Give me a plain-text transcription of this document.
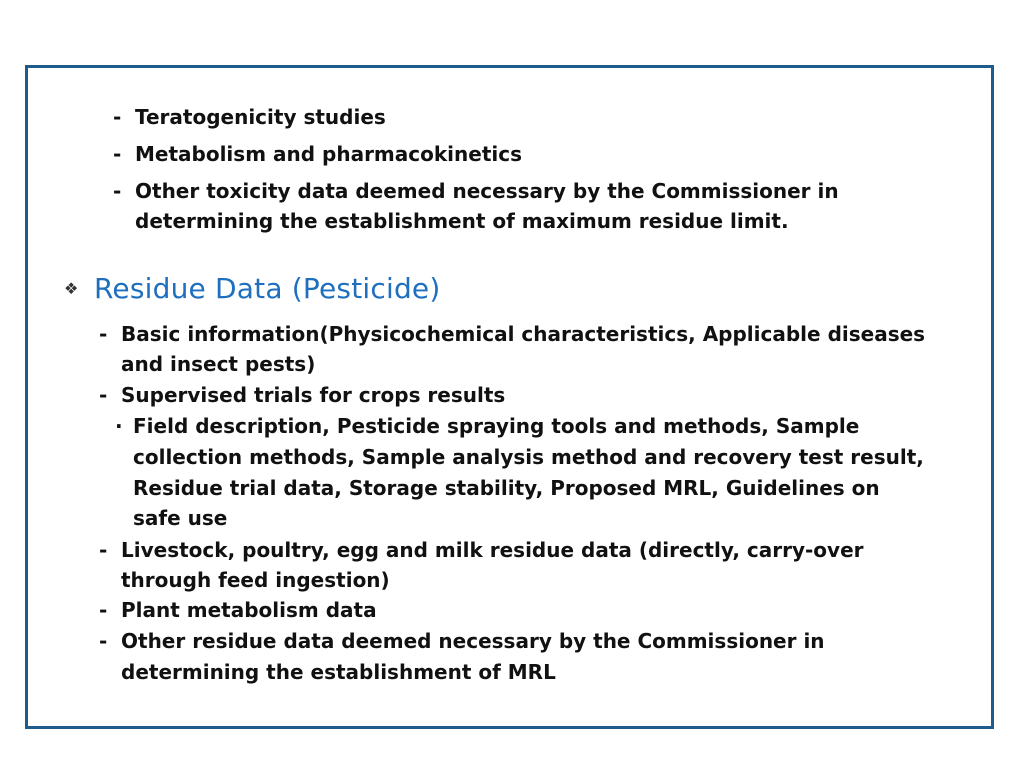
- Teratogenicity studies
- Metabolism and pharmacokinetics
- Other toxicity data deemed necessary by the Commissioner in
determining the establishment of maximum residue limit.
❖ Residue Data (Pesticide)
- Basic information(Physicochemical characteristics, Applicable diseases
and insect pests)
- Supervised trials for crops results
· Field description, Pesticide spraying tools and methods, Sample
collection methods, Sample analysis method and recovery test result,
Residue trial data, Storage stability, Proposed MRL, Guidelines on
safe use
- Livestock, poultry, egg and milk residue data (directly, carry-over
through feed ingestion)
- Plant metabolism data
- Other residue data deemed necessary by the Commissioner in
determining the establishment of MRL
